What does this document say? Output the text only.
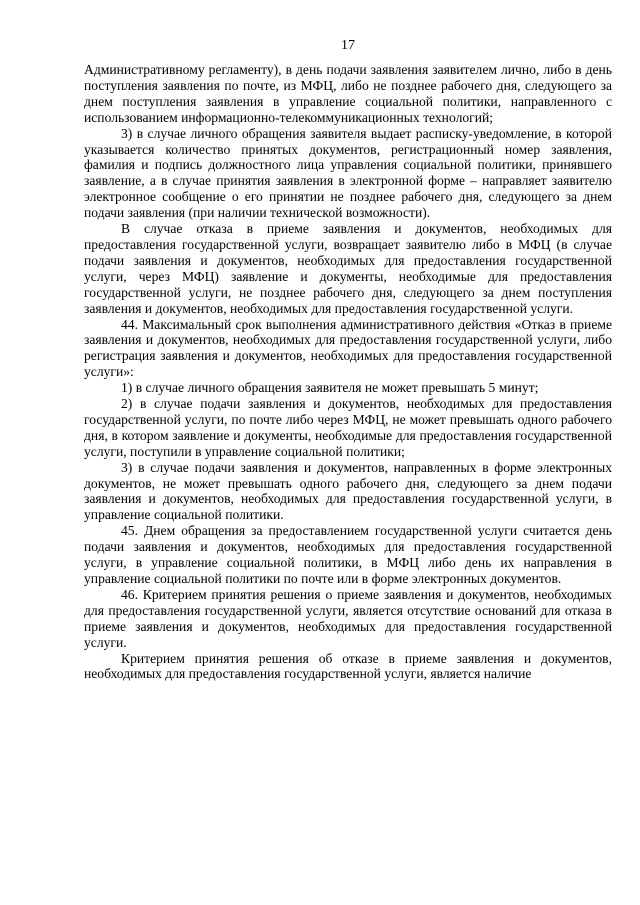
17

Административному регламенту), в день подачи заявления заявителем лично, либо в день поступления заявления по почте, из МФЦ, либо не позднее рабочего дня, следующего за днем поступления заявления в управление социальной политики, направленного с использованием информационно-телекоммуникационных технологий;

3) в случае личного обращения заявителя выдает расписку-уведомление, в которой указывается количество принятых документов, регистрационный номер заявления, фамилия и подпись должностного лица управления социальной политики, принявшего заявление, а в случае принятия заявления в электронной форме – направляет заявителю электронное сообщение о его принятии не позднее рабочего дня, следующего за днем подачи заявления (при наличии технической возможности).

В случае отказа в приеме заявления и документов, необходимых для предоставления государственной услуги, возвращает заявителю либо в МФЦ (в случае подачи заявления и документов, необходимых для предоставления государственной услуги, через МФЦ) заявление и документы, необходимые для предоставления государственной услуги, не позднее рабочего дня, следующего за днем поступления заявления и документов, необходимых для предоставления государственной услуги.

44. Максимальный срок выполнения административного действия «Отказ в приеме заявления и документов, необходимых для предоставления государственной услуги, либо регистрация заявления и документов, необходимых для предоставления государственной услуги»:

1) в случае личного обращения заявителя не может превышать 5 минут;

2) в случае подачи заявления и документов, необходимых для предоставления государственной услуги, по почте либо через МФЦ, не может превышать одного рабочего дня, в котором заявление и документы, необходимые для предоставления государственной услуги, поступили в управление социальной политики;

3) в случае подачи заявления и документов, направленных в форме электронных документов, не может превышать одного рабочего дня, следующего за днем подачи заявления и документов, необходимых для предоставления государственной услуги, в управление социальной политики.

45. Днем обращения за предоставлением государственной услуги считается день подачи заявления и документов, необходимых для предоставления государственной услуги, в управление социальной политики, в МФЦ либо день их направления в управление социальной политики по почте или в форме электронных документов.

46. Критерием принятия решения о приеме заявления и документов, необходимых для предоставления государственной услуги, является отсутствие оснований для отказа в приеме заявления и документов, необходимых для предоставления государственной услуги.

Критерием принятия решения об отказе в приеме заявления и документов, необходимых для предоставления государственной услуги, является наличие
